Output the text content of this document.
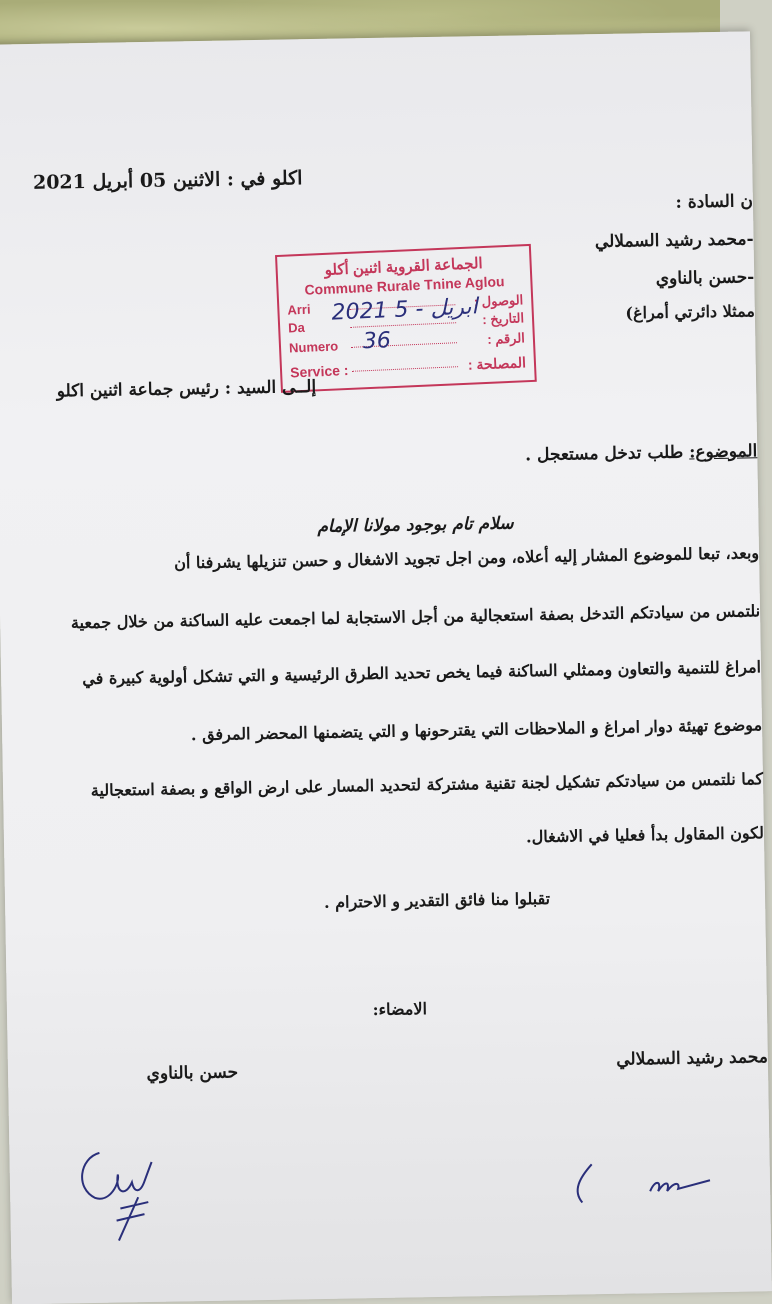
اكلو في : الاثنين 05 أبريل 2021
ن السادة :
-محمد رشيد السملالي
-حسن بالناوي
ممثلا دائرتي أمراغ)
الجماعة القروية اثنين أكلو
Commune Rurale Tnine Aglou
Arri
الوصول :
Da
التاريخ :
Numero	الرقم :
Service :	المصلحة :
2021 ابريل - 5
36
إلــى السيد : رئيس جماعة اثنين اكلو
الموضوع: طلب تدخل مستعجل .
سلام تام بوجود مولانا الإمام
وبعد، تبعا للموضوع المشار إليه أعلاه، ومن اجل تجويد الاشغال و حسن تنزيلها يشرفنا أن
نلتمس من سيادتكم التدخل بصفة استعجالية من أجل الاستجابة لما اجمعت عليه الساكنة من خلال جمعية
امراغ للتنمية والتعاون وممثلي الساكنة فيما يخص تحديد الطرق الرئيسية و التي تشكل أولوية كبيرة في
موضوع تهيئة دوار امراغ و الملاحظات التي يقترحونها و التي يتضمنها المحضر المرفق .
كما نلتمس من سيادتكم تشكيل لجنة تقنية مشتركة لتحديد المسار على ارض الواقع و بصفة استعجالية
لكون المقاول بدأ فعليا في الاشغال.
تقبلوا منا فائق التقدير و الاحترام .
الامضاء:
محمد رشيد السملالي
حسن بالناوي
